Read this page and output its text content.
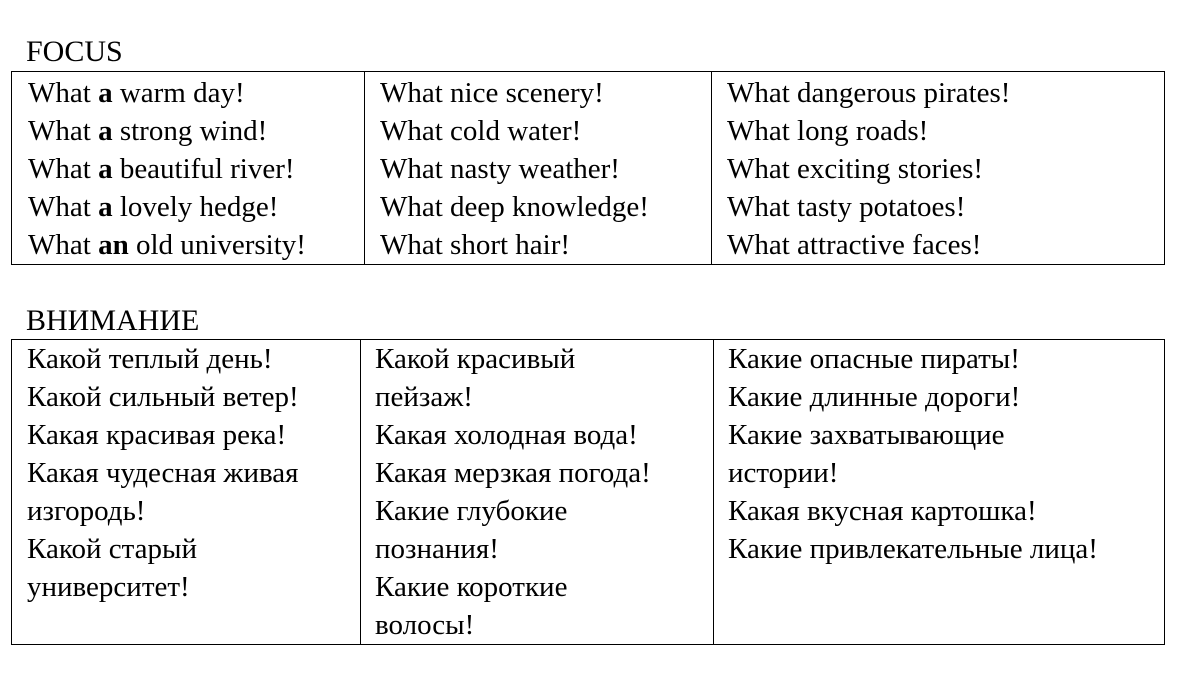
FOCUS
What a warm day!
What a strong wind!
What a beautiful river!
What a lovely hedge!
What an old university!

What nice scenery!
What cold water!
What nasty weather!
What deep knowledge!
What short hair!

What dangerous pirates!
What long roads!
What exciting stories!
What tasty potatoes!
What attractive faces!
ВНИМАНИЕ
Какой теплый день!
Какой сильный ветер!
Какая красивая река!
Какая чудесная живая
изгородь!
Какой старый
университет!

Какой красивый
пейзаж!
Какая холодная вода!
Какая мерзкая погода!
Какие глубокие
познания!
Какие короткие
волосы!

Какие опасные пираты!
Какие длинные дороги!
Какие захватывающие
истории!
Какая вкусная картошка!
Какие привлекательные лица!
